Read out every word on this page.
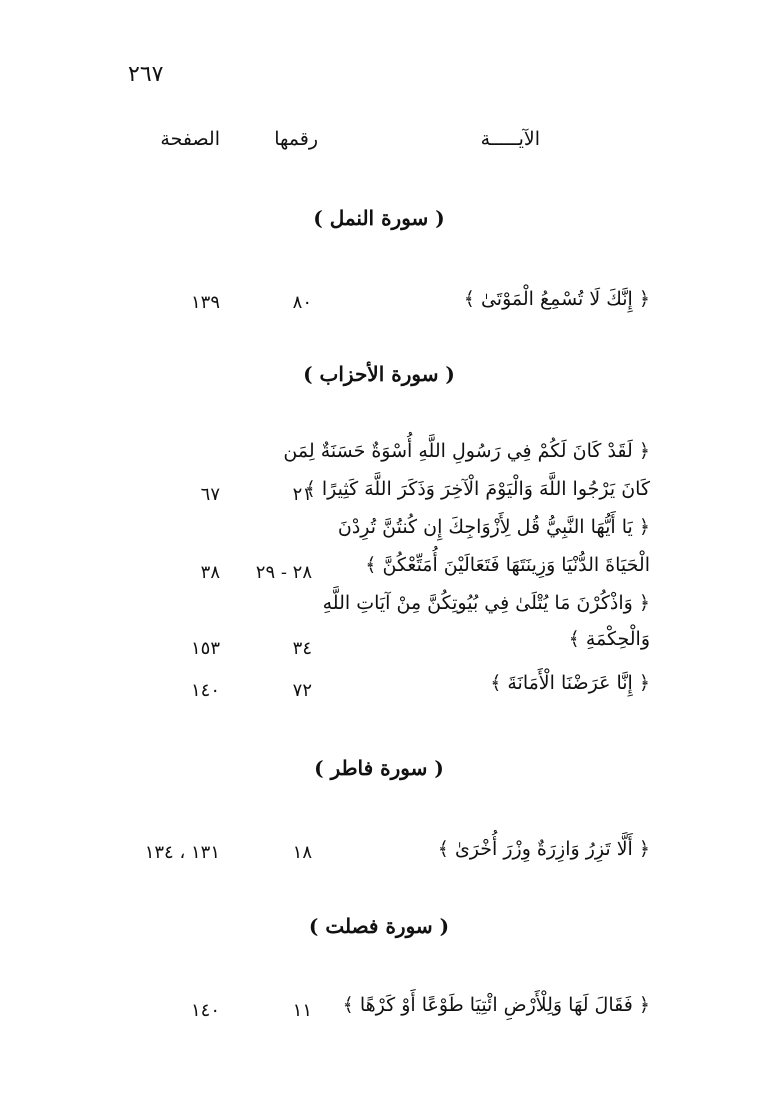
٢٦٧
الآيـــــة
رقمها
الصفحة
( سورة النمل )
﴿ إِنَّكَ لَا تُسْمِعُ الْمَوْتَىٰ ﴾
٨٠
١٣٩
( سورة الأحزاب )
﴿ لَقَدْ كَانَ لَكُمْ فِي رَسُولِ اللَّهِ أُسْوَةٌ حَسَنَةٌ لِمَن
كَانَ يَرْجُوا اللَّهَ وَالْيَوْمَ الْآخِرَ وَذَكَرَ اللَّهَ كَثِيرًا ﴾
٢١
٦٧
﴿ يَا أَيُّهَا النَّبِيُّ قُل لِأَزْوَاجِكَ إِن كُنتُنَّ تُرِدْنَ
الْحَيَاةَ الدُّنْيَا وَزِينَتَهَا فَتَعَالَيْنَ أُمَتِّعْكُنَّ ﴾
٢٨ - ٢٩
٣٨
﴿ وَاذْكُرْنَ مَا يُتْلَىٰ فِي بُيُوتِكُنَّ مِنْ آيَاتِ اللَّهِ
وَالْحِكْمَةِ ﴾
٣٤
١٥٣
﴿ إِنَّا عَرَضْنَا الْأَمَانَةَ ﴾
٧٢
١٤٠
( سورة فاطر )
﴿ أَلَّا تَزِرُ وَازِرَةٌ وِزْرَ أُخْرَىٰ ﴾
١٨
١٣١ ، ١٣٤
( سورة فصلت )
﴿ فَقَالَ لَهَا وَلِلْأَرْضِ ائْتِيَا طَوْعًا أَوْ كَرْهًا ﴾
١١
١٤٠
